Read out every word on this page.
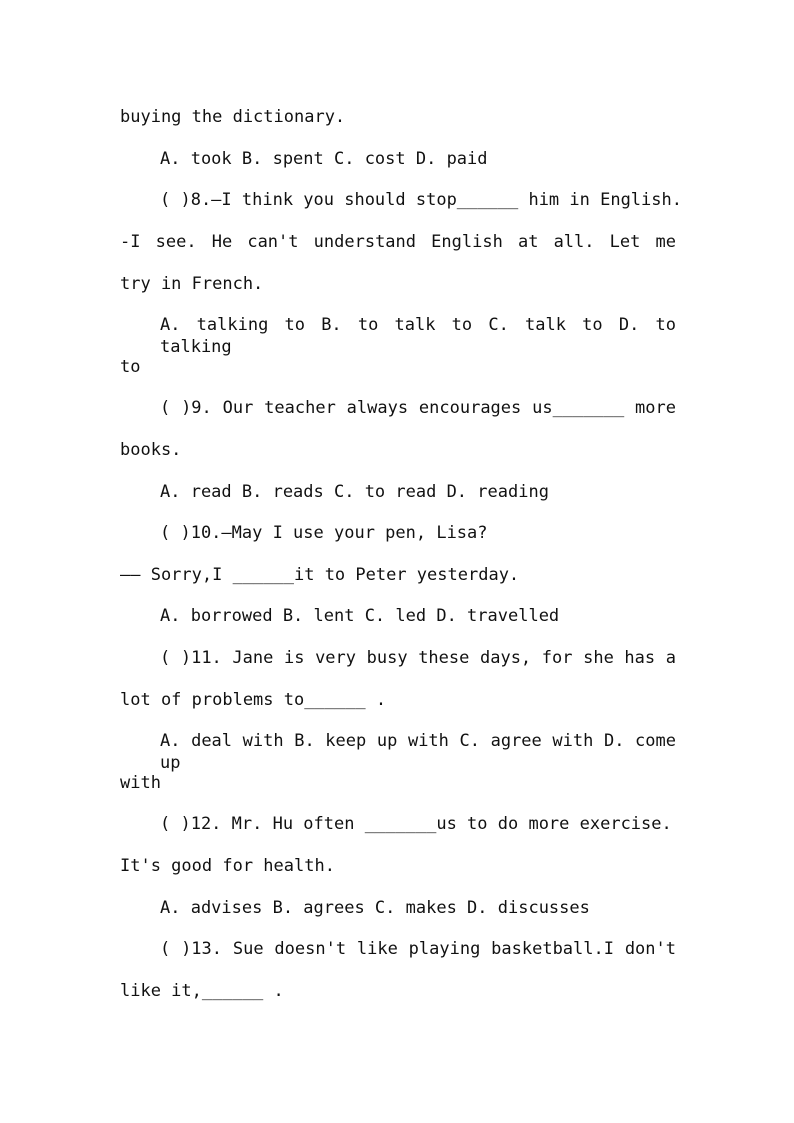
buying the dictionary.
A. took B. spent C. cost D. paid
( )8.—I think you should stop______ him in English.
-I see. He can't understand English at all. Let me
try in French.
A. talking to B. to talk to C. talk to D. to talking
to
( )9. Our teacher always encourages us_______ more
books.
A. read B. reads C. to read D. reading
( )10.—May I use your pen, Lisa?
—— Sorry,I ______it to Peter yesterday.
A. borrowed B. lent C. led D. travelled
( )11. Jane is very busy these days, for she has a
lot of problems to______ .
A. deal with B. keep up with C. agree with D. come up
with
( )12. Mr. Hu often _______us to do more exercise.
It's good for health.
A. advises B. agrees C. makes D. discusses
( )13. Sue doesn't like playing basketball.I don't
like it,______ .
